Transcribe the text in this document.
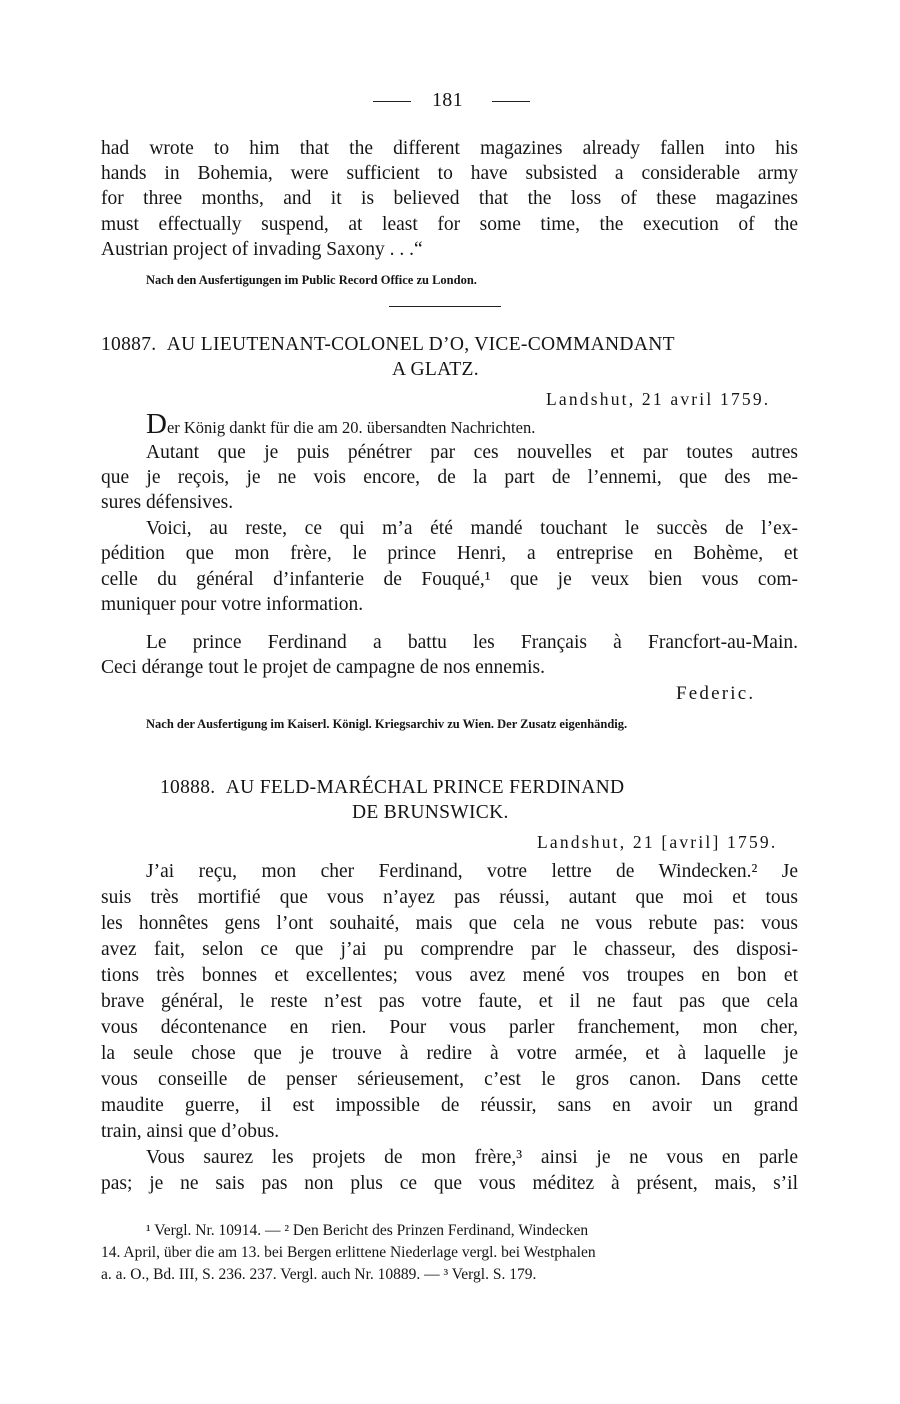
181
had wrote to him that the different magazines already fallen into his
hands in Bohemia, were sufficient to have subsisted a considerable army
for three months, and it is believed that the loss of these magazines
must effectually suspend, at least for some time, the execution of the
Austrian project of invading Saxony . . .“
Nach den Ausfertigungen im Public Record Office zu London.
10887. AU LIEUTENANT-COLONEL D’O, VICE-COMMANDANT
A GLATZ.
Landshut, 21 avril 1759.
Der König dankt für die am 20. übersandten Nachrichten.
Autant que je puis pénétrer par ces nouvelles et par toutes autres
que je reçois, je ne vois encore, de la part de l’ennemi, que des me-
sures défensives.
Voici, au reste, ce qui m’a été mandé touchant le succès de l’ex-
pédition que mon frère, le prince Henri, a entreprise en Bohème, et
celle du général d’infanterie de Fouqué,¹ que je veux bien vous com-
muniquer pour votre information.
Le prince Ferdinand a battu les Français à Francfort-au-Main.
Ceci dérange tout le projet de campagne de nos ennemis.
Federic.
Nach der Ausfertigung im Kaiserl. Königl. Kriegsarchiv zu Wien. Der Zusatz eigenhändig.
10888. AU FELD-MARÉCHAL PRINCE FERDINAND
DE BRUNSWICK.
Landshut, 21 [avril] 1759.
J’ai reçu, mon cher Ferdinand, votre lettre de Windecken.² Je
suis très mortifié que vous n’ayez pas réussi, autant que moi et tous
les honnêtes gens l’ont souhaité, mais que cela ne vous rebute pas: vous
avez fait, selon ce que j’ai pu comprendre par le chasseur, des disposi-
tions très bonnes et excellentes; vous avez mené vos troupes en bon et
brave général, le reste n’est pas votre faute, et il ne faut pas que cela
vous décontenance en rien. Pour vous parler franchement, mon cher,
la seule chose que je trouve à redire à votre armée, et à laquelle je
vous conseille de penser sérieusement, c’est le gros canon. Dans cette
maudite guerre, il est impossible de réussir, sans en avoir un grand
train, ainsi que d’obus.
Vous saurez les projets de mon frère,³ ainsi je ne vous en parle
pas; je ne sais pas non plus ce que vous méditez à présent, mais, s’il
¹ Vergl. Nr. 10914. — ² Den Bericht des Prinzen Ferdinand, Windecken
14. April, über die am 13. bei Bergen erlittene Niederlage vergl. bei Westphalen
a. a. O., Bd. III, S. 236. 237. Vergl. auch Nr. 10889. — ³ Vergl. S. 179.
